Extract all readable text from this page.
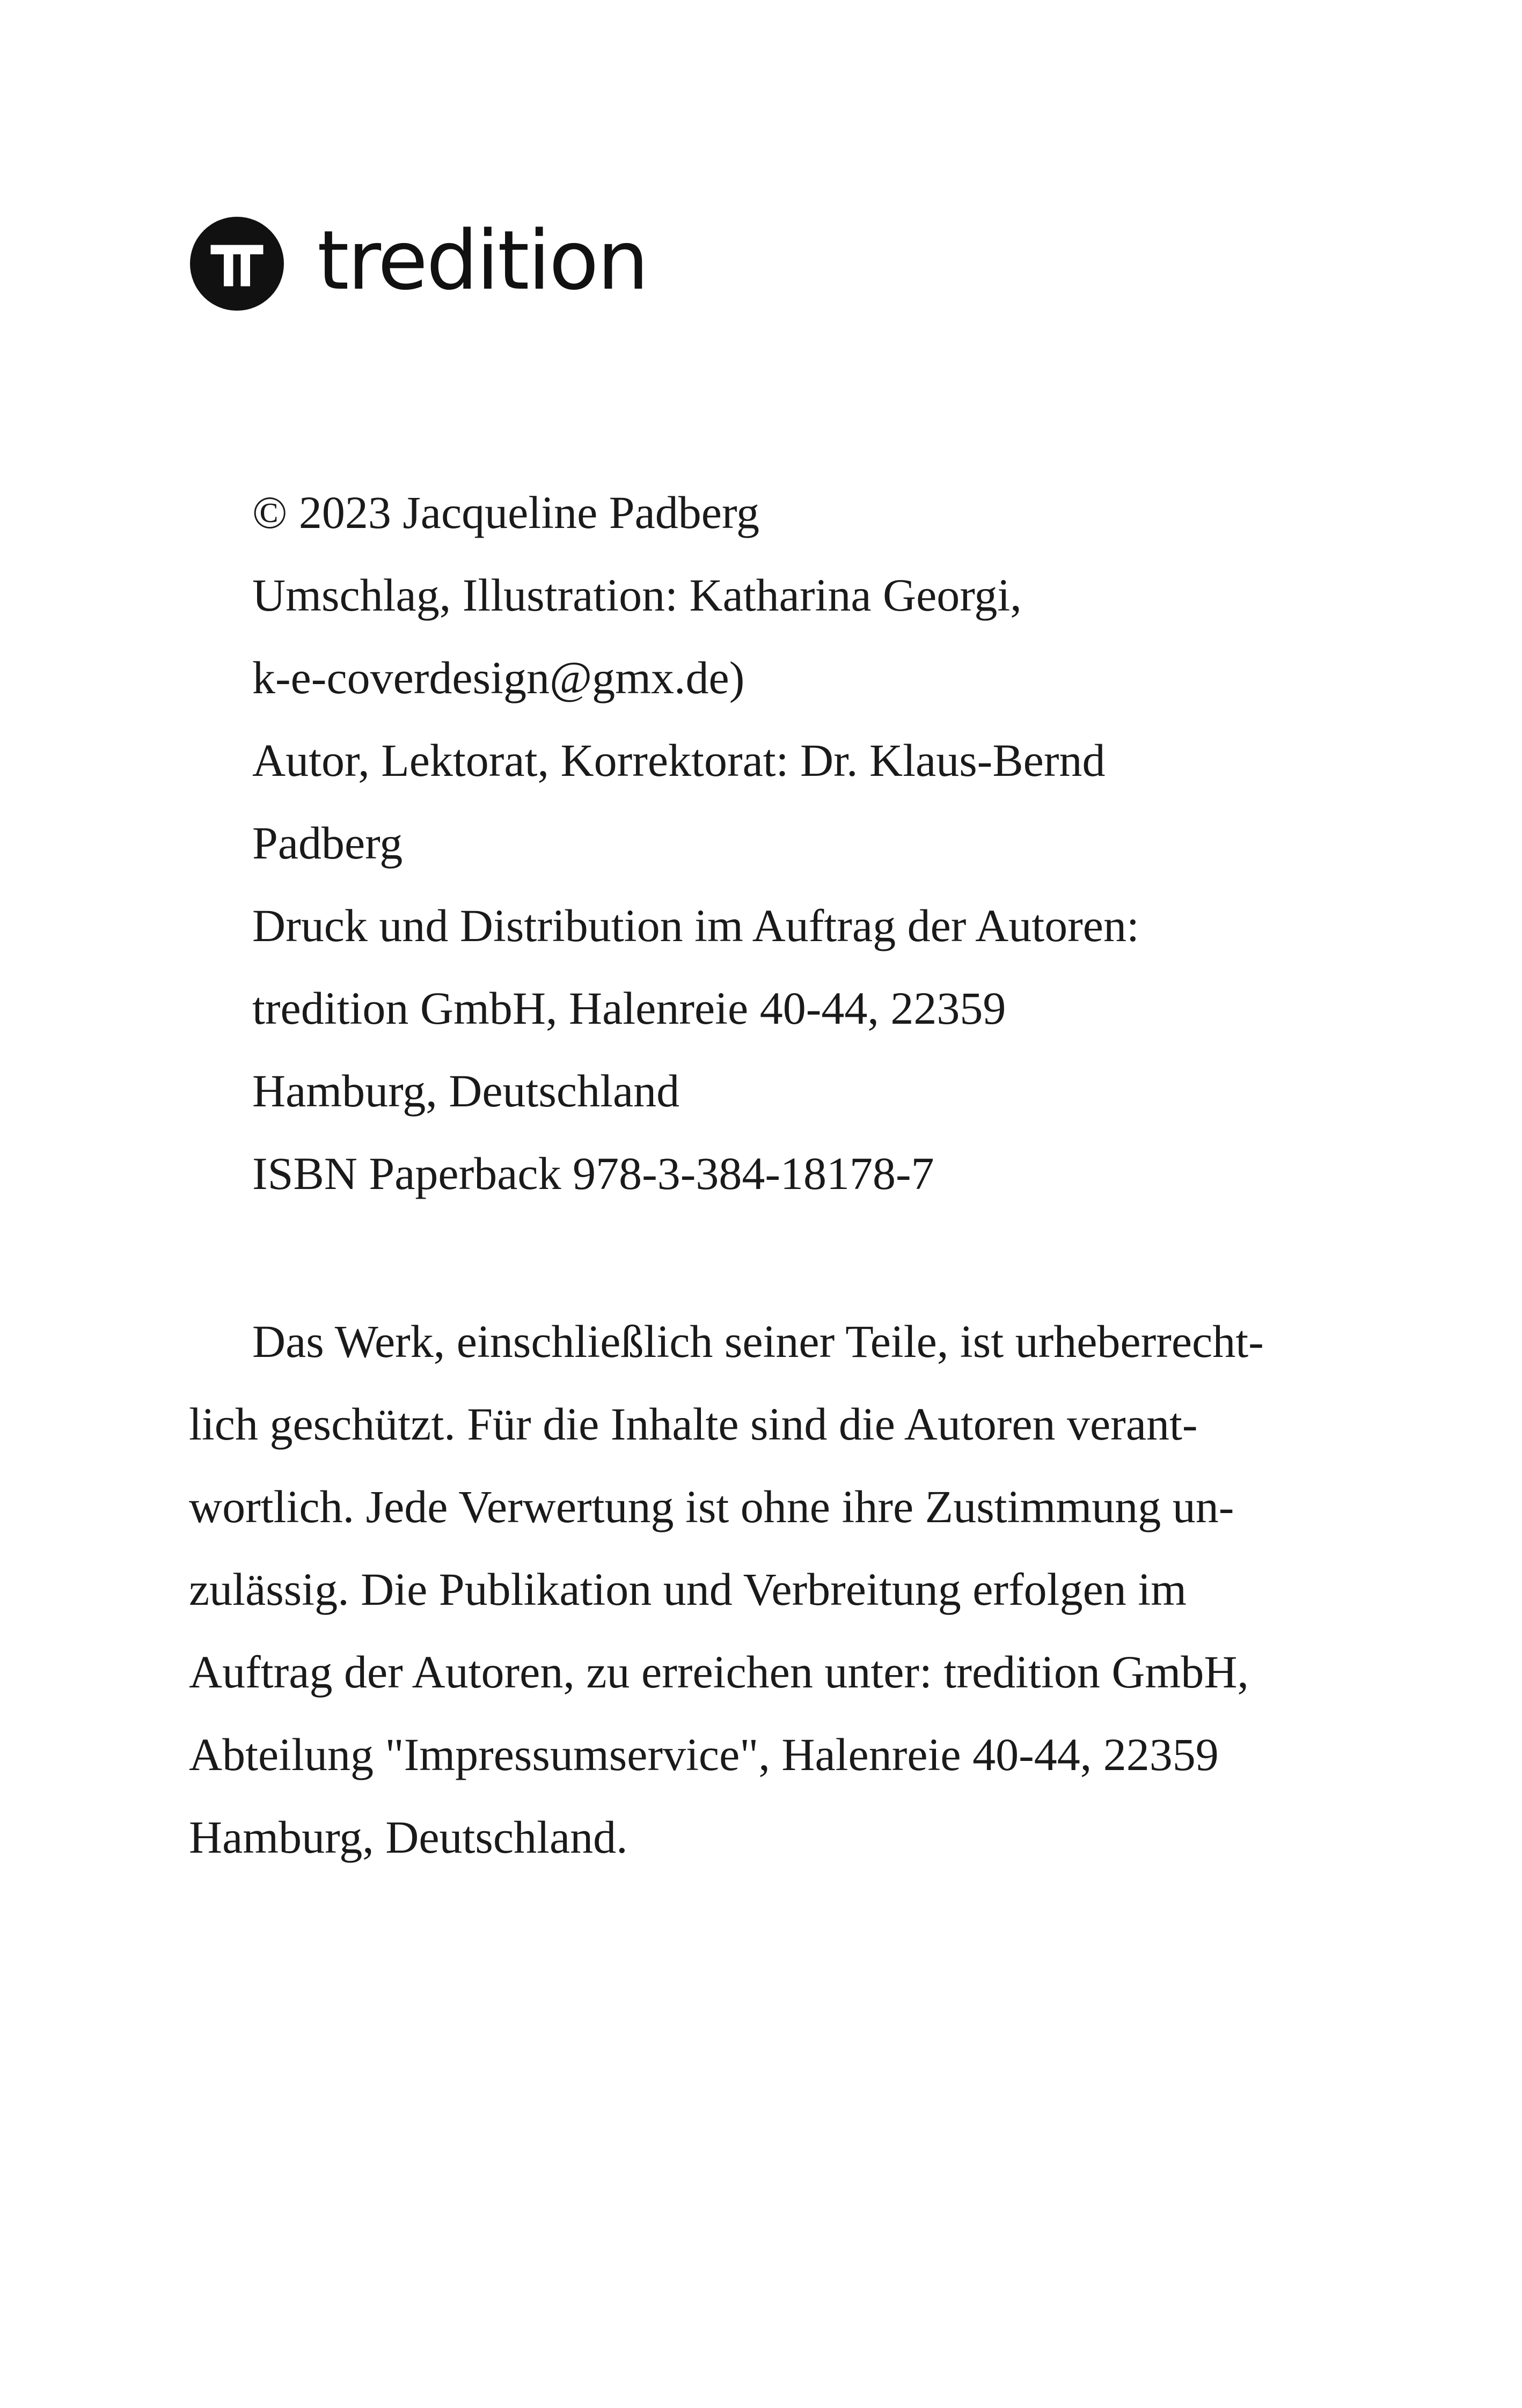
tredition
© 2023 Jacqueline Padberg
Umschlag, Illustration: Katharina Georgi,
k-e-coverdesign@gmx.de)
Autor, Lektorat, Korrektorat: Dr. Klaus-Bernd
Padberg
Druck und Distribution im Auftrag der Autoren:
tredition GmbH, Halenreie 40-44, 22359
Hamburg, Deutschland
ISBN Paperback 978-3-384-18178-7
Das Werk, einschließlich seiner Teile, ist urheberrecht-
lich geschützt. Für die Inhalte sind die Autoren verant-
wortlich. Jede Verwertung ist ohne ihre Zustimmung un-
zulässig. Die Publikation und Verbreitung erfolgen im
Auftrag der Autoren, zu erreichen unter: tredition GmbH,
Abteilung "Impressumservice", Halenreie 40-44, 22359
Hamburg, Deutschland.
